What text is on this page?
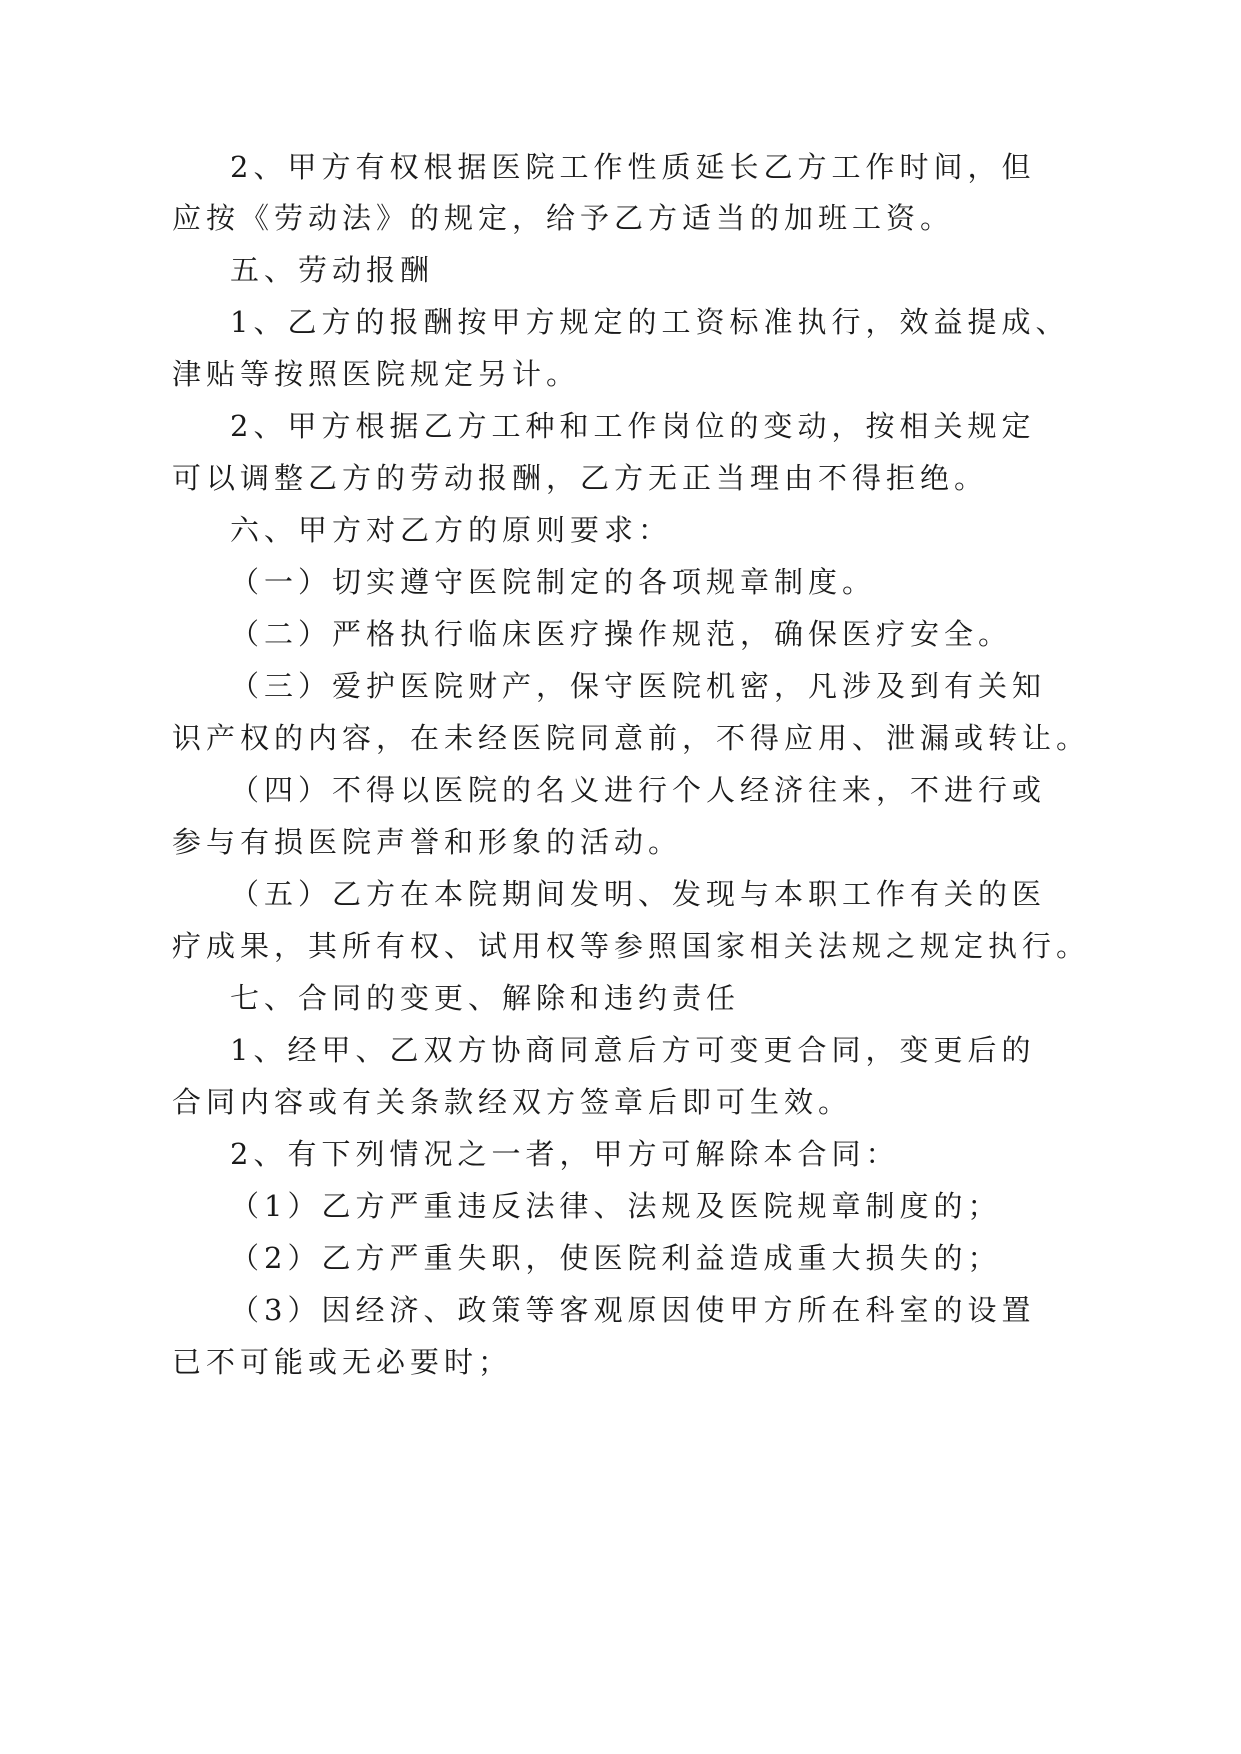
2、甲方有权根据医院工作性质延长乙方工作时间，但
应按《劳动法》的规定，给予乙方适当的加班工资。
五、劳动报酬
1、乙方的报酬按甲方规定的工资标准执行，效益提成、
津贴等按照医院规定另计。
2、甲方根据乙方工种和工作岗位的变动，按相关规定
可以调整乙方的劳动报酬，乙方无正当理由不得拒绝。
六、甲方对乙方的原则要求：
（一）切实遵守医院制定的各项规章制度。
（二）严格执行临床医疗操作规范，确保医疗安全。
（三）爱护医院财产，保守医院机密，凡涉及到有关知
识产权的内容，在未经医院同意前，不得应用、泄漏或转让。
（四）不得以医院的名义进行个人经济往来，不进行或
参与有损医院声誉和形象的活动。
（五）乙方在本院期间发明、发现与本职工作有关的医
疗成果，其所有权、试用权等参照国家相关法规之规定执行。
七、合同的变更、解除和违约责任
1、经甲、乙双方协商同意后方可变更合同，变更后的
合同内容或有关条款经双方签章后即可生效。
2、有下列情况之一者，甲方可解除本合同：
（1）乙方严重违反法律、法规及医院规章制度的；
（2）乙方严重失职，使医院利益造成重大损失的；
（3）因经济、政策等客观原因使甲方所在科室的设置
已不可能或无必要时；
